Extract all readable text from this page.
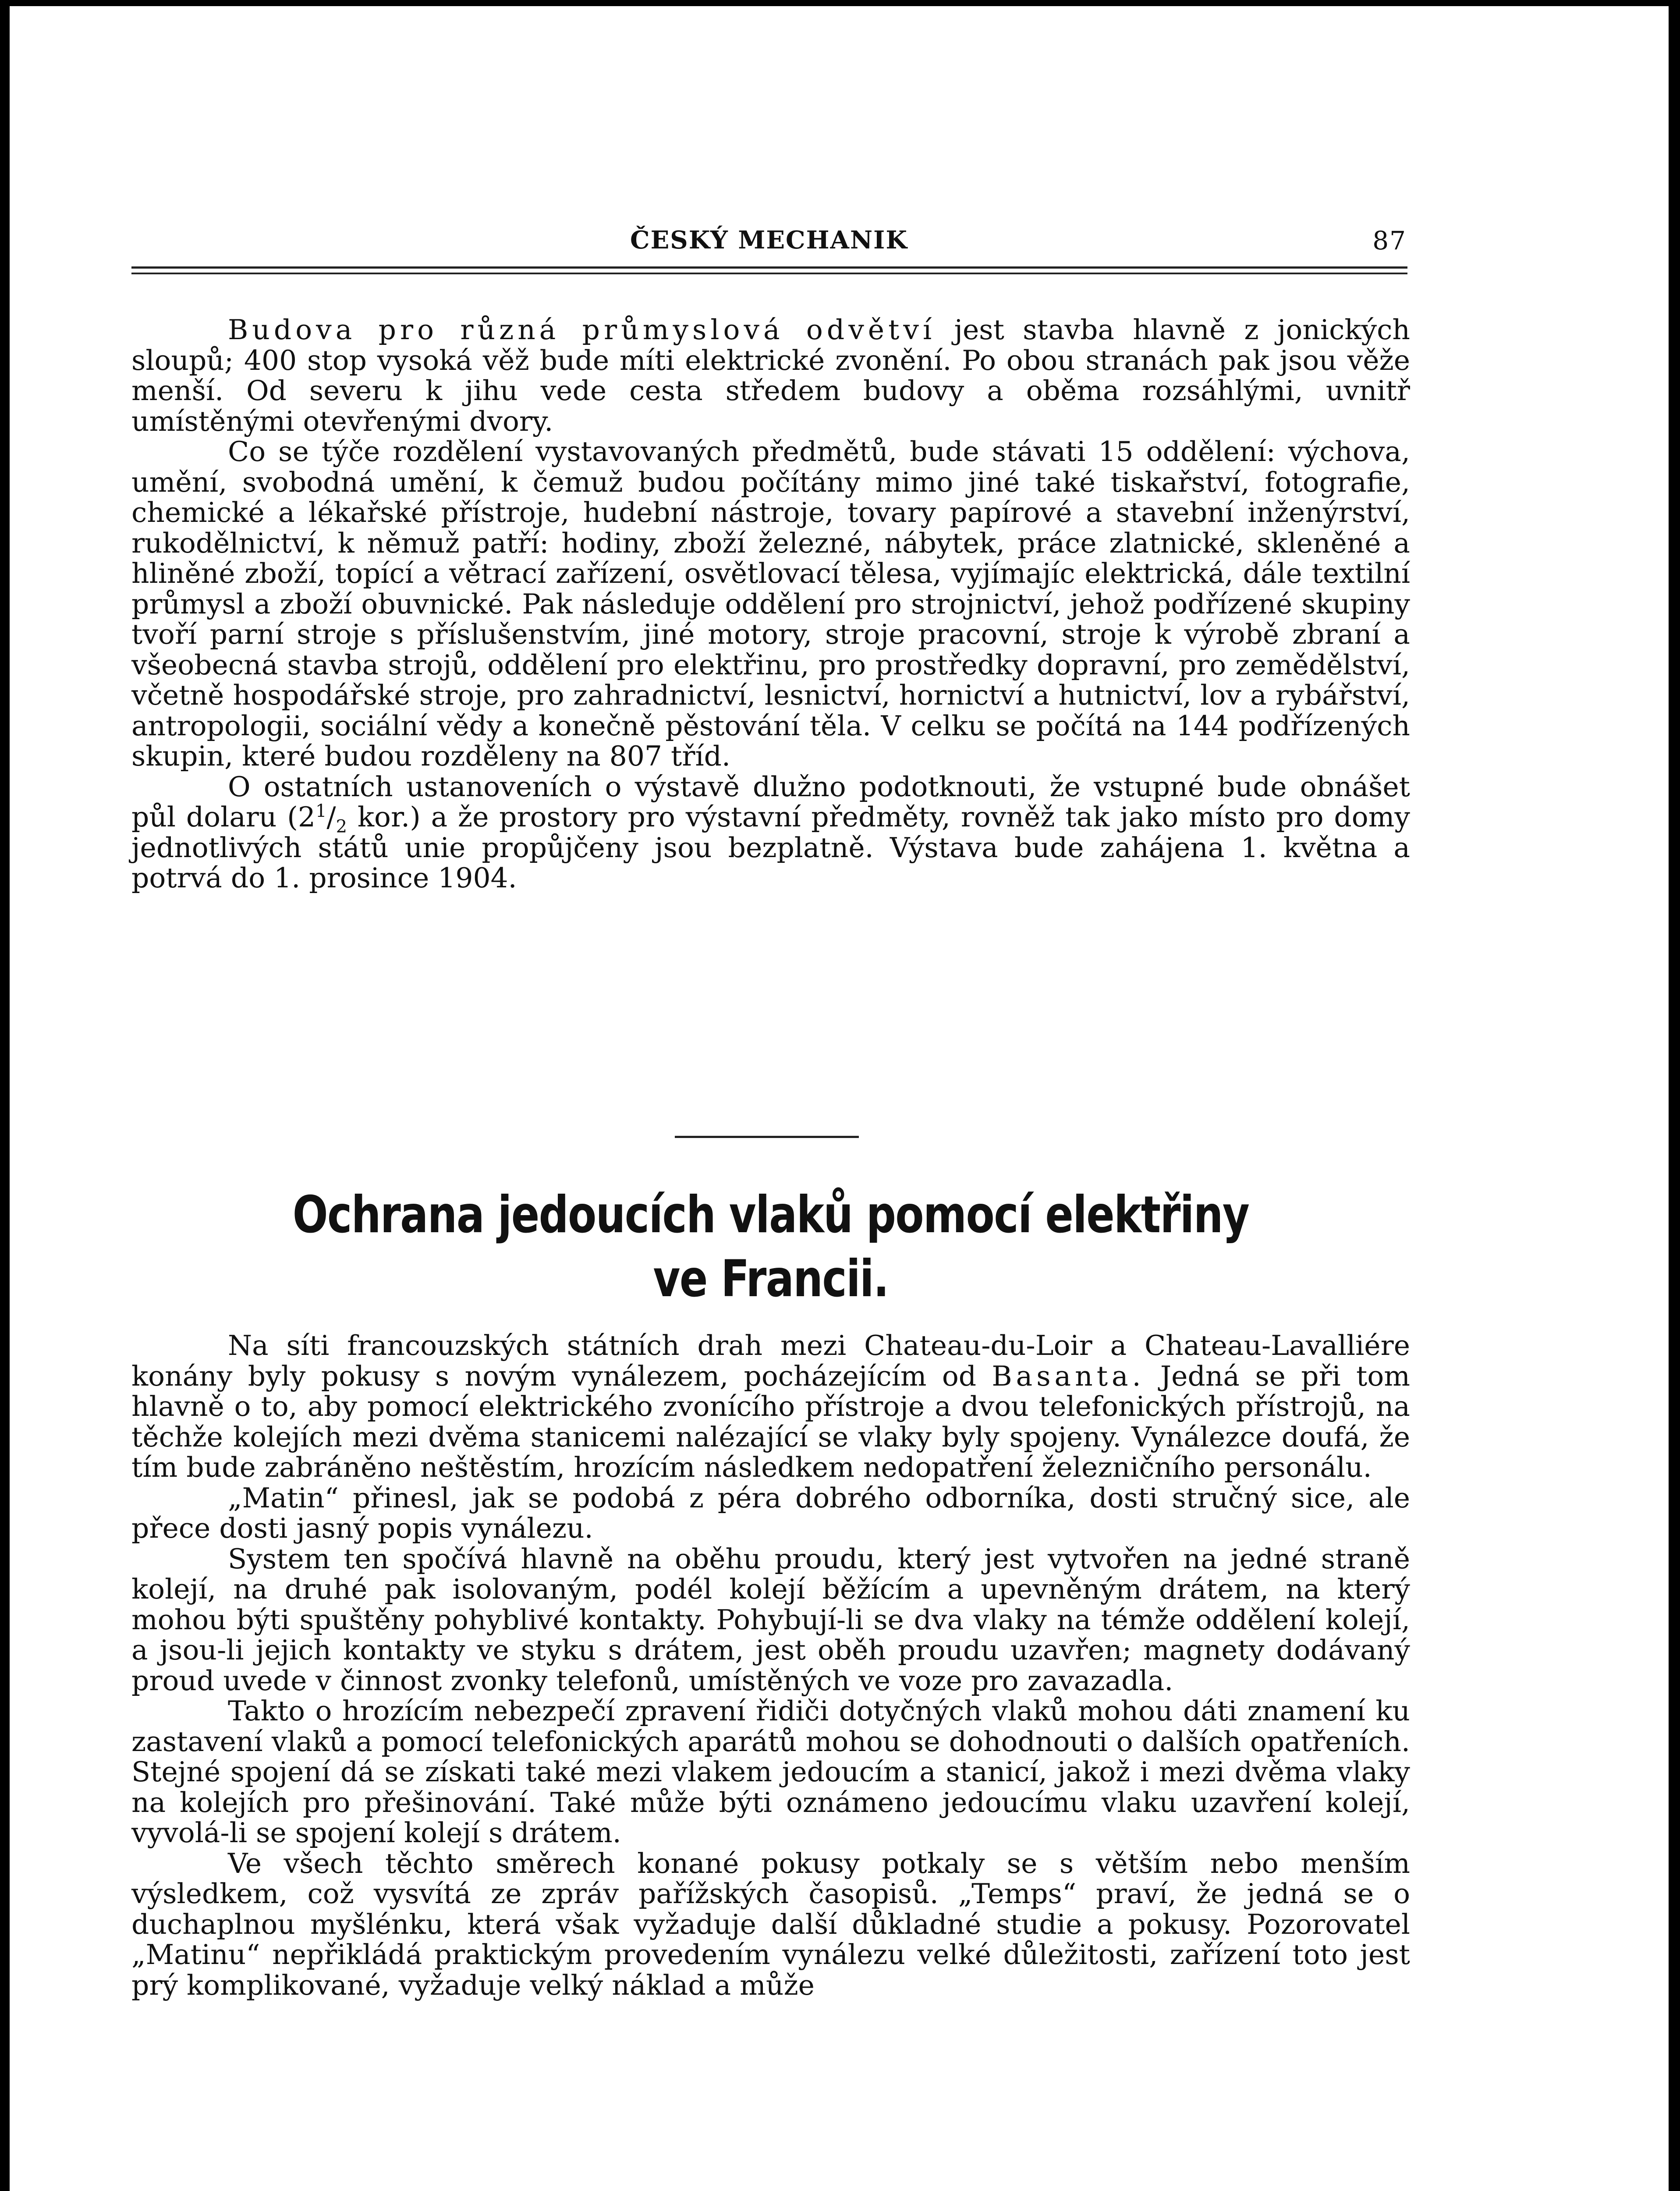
ČESKÝ MECHANIK	87

Budova pro různá průmyslová odvětví jest stavba hlavně z jonických sloupů; 400 stop vysoká věž bude míti elektrické zvonění. Po obou stranách pak jsou věže menší. Od severu k jihu vede cesta středem budovy a oběma rozsáhlými, uvnitř umístěnými otevřenými dvory.

Co se týče rozdělení vystavovaných předmětů, bude stávati 15 oddělení: výchova, umění, svobodná umění, k čemuž budou počítány mimo jiné také tiskařství, fotografie, chemické a lékařské přístroje, hudební nástroje, tovary papírové a stavební inženýrství, rukodělnictví, k němuž patří: hodiny, zboží železné, nábytek, práce zlatnické, skleněné a hliněné zboží, topící a větrací zařízení, osvětlovací tělesa, vyjímajíc elektrická, dále textilní průmysl a zboží obuvnické. Pak následuje oddělení pro strojnictví, jehož podřízené skupiny tvoří parní stroje s příslušenstvím, jiné motory, stroje pracovní, stroje k výrobě zbraní a všeobecná stavba strojů, oddělení pro elektřinu, pro prostředky dopravní, pro zemědělství, včetně hospodářské stroje, pro zahradnictví, lesnictví, hornictví a hutnictví, lov a rybářství, antropologii, sociální vědy a konečně pěstování těla. V celku se počítá na 144 podřízených skupin, které budou rozděleny na 807 tříd.

O ostatních ustanoveních o výstavě dlužno podotknouti, že vstupné bude obnášet půl dolaru ($2^1/_2$ kor.) a že prostory pro výstavní předměty, rovněž tak jako místo pro domy jednotlivých států unie propůjčeny jsou bezplatně. Výstava bude zahájena 1. května a potrvá do 1. prosince 1904.

Ochrana jedoucích vlaků pomocí elektřiny
ve Francii.

Na síti francouzských státních drah mezi Chateau-du-Loir a Chateau-Lavalliére konány byly pokusy s novým vynálezem, pocházejícím od Basanta. Jedná se při tom hlavně o to, aby pomocí elektrického zvonícího přístroje a dvou telefonických přístrojů, na těchže kolejích mezi dvěma stanicemi nalézající se vlaky byly spojeny. Vynálezce doufá, že tím bude zabráněno neštěstím, hrozícím následkem nedopatření železničního personálu.

„Matin“ přinesl, jak se podobá z péra dobrého odborníka, dosti stručný sice, ale přece dosti jasný popis vynálezu.

System ten spočívá hlavně na oběhu proudu, který jest vytvořen na jedné straně kolejí, na druhé pak isolovaným, podél kolejí běžícím a upevněným drátem, na který mohou býti spuštěny pohyblivé kontakty. Pohybují-li se dva vlaky na témže oddělení kolejí, a jsou-li jejich kontakty ve styku s drátem, jest oběh proudu uzavřen; magnety dodávaný proud uvede v činnost zvonky telefonů, umístěných ve voze pro zavazadla.

Takto o hrozícím nebezpečí zpravení řidiči dotyčných vlaků mohou dáti znamení ku zastavení vlaků a pomocí telefonických aparátů mohou se dohodnouti o dalších opatřeních. Stejné spojení dá se získati také mezi vlakem jedoucím a stanicí, jakož i mezi dvěma vlaky na kolejích pro přešinování. Také může býti oznámeno jedoucímu vlaku uzavření kolejí, vyvolá-li se spojení kolejí s drátem.

Ve všech těchto směrech konané pokusy potkaly se s větším nebo menším výsledkem, což vysvítá ze zpráv pařížských časopisů. „Temps“ praví, že jedná se o duchaplnou myšlénku, která však vyžaduje další důkladné studie a pokusy. Pozorovatel „Matinu“ nepřikládá praktickým provedením vynálezu velké důležitosti, zařízení toto jest prý komplikované, vyžaduje velký náklad a může
